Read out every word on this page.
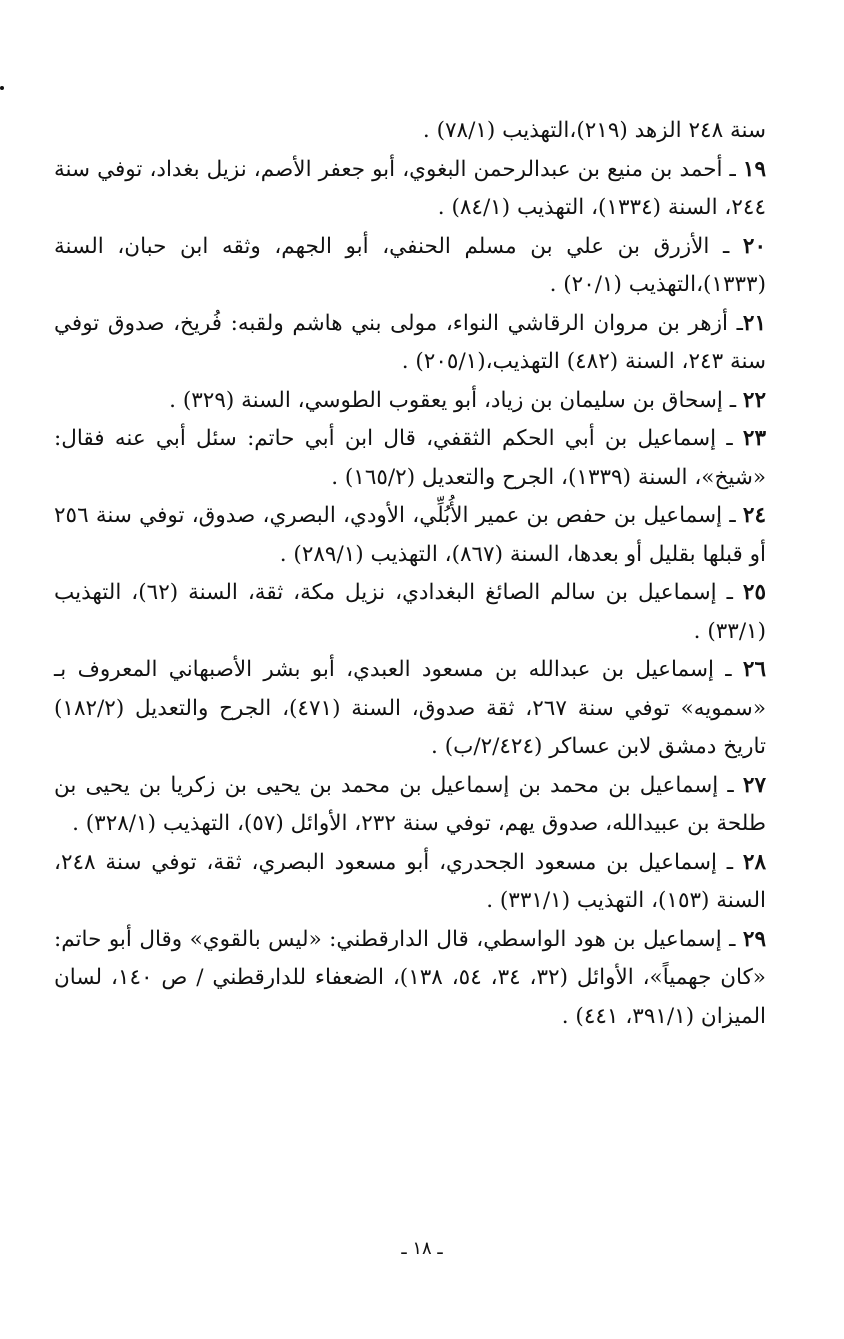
سنة ٢٤٨ الزهد (٢١٩)،التهذيب (٧٨/١) .

١٩ ـ أحمد بن منيع بن عبدالرحمن البغوي، أبو جعفر الأصم، نزيل بغداد، توفي سنة ٢٤٤، السنة (١٣٣٤)، التهذيب (٨٤/١) .

٢٠ ـ الأزرق بن علي بن مسلم الحنفي، أبو الجهم، وثقه ابن حبان، السنة (١٣٣٣)،التهذيب (٢٠/١) .

٢١ـ أزهر بن مروان الرقاشي النواء، مولى بني هاشم ولقبه: فُريخ، صدوق توفي سنة ٢٤٣، السنة (٤٨٢) التهذيب،(٢٠٥/١) .

٢٢ ـ إسحاق بن سليمان بن زياد، أبو يعقوب الطوسي، السنة (٣٢٩) .

٢٣ ـ إسماعيل بن أبي الحكم الثقفي، قال ابن أبي حاتم: سئل أبي عنه فقال: «شيخ»، السنة (١٣٣٩)، الجرح والتعديل (١٦٥/٢) .

٢٤ ـ إسماعيل بن حفص بن عمير الأُبُلِّي، الأودي، البصري، صدوق، توفي سنة ٢٥٦ أو قبلها بقليل أو بعدها، السنة (٨٦٧)، التهذيب (٢٨٩/١) .

٢٥ ـ إسماعيل بن سالم الصائغ البغدادي، نزيل مكة، ثقة، السنة (٦٢)، التهذيب (٣٣/١) .

٢٦ ـ إسماعيل بن عبدالله بن مسعود العبدي، أبو بشر الأصبهاني المعروف بـ «سمويه» توفي سنة ٢٦٧، ثقة صدوق، السنة (٤٧١)، الجرح والتعديل (١٨٢/٢) تاريخ دمشق لابن عساكر (٢/٤٢٤/ب) .

٢٧ ـ إسماعيل بن محمد بن إسماعيل بن محمد بن يحيى بن زكريا بن يحيى بن طلحة بن عبيدالله، صدوق يهم، توفي سنة ٢٣٢، الأوائل (٥٧)، التهذيب (٣٢٨/١) .

٢٨ ـ إسماعيل بن مسعود الجحدري، أبو مسعود البصري، ثقة، توفي سنة ٢٤٨، السنة (١٥٣)، التهذيب (٣٣١/١) .

٢٩ ـ إسماعيل بن هود الواسطي، قال الدارقطني: «ليس بالقوي» وقال أبو حاتم: «كان جهمياً»، الأوائل (٣٢، ٣٤، ٥٤، ١٣٨)، الضعفاء للدارقطني / ص ١٤٠، لسان الميزان (٣٩١/١، ٤٤١) .

ـ ١٨ ـ
